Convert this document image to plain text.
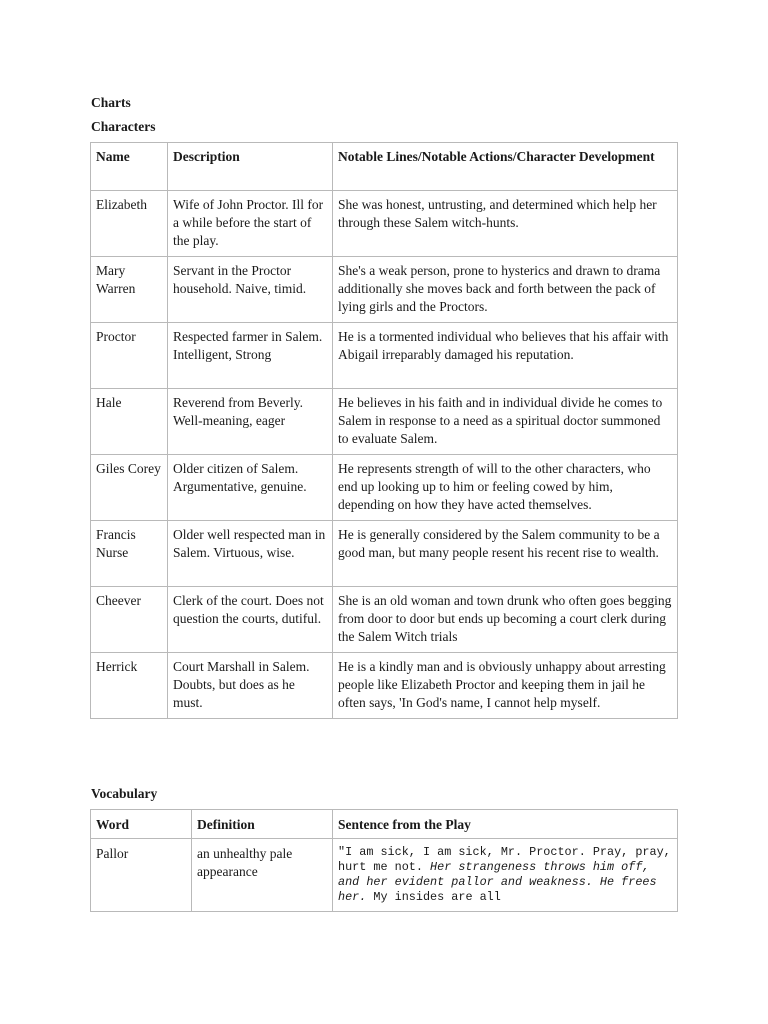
Charts
Characters
Name	Description	Notable Lines/Notable Actions/Character Development
Elizabeth	Wife of John Proctor. Ill for a while before the start of the play.	She was honest, untrusting, and determined which help her through these Salem witch-hunts.
Mary Warren	Servant in the Proctor household. Naive, timid.	She's a weak person, prone to hysterics and drawn to drama additionally she moves back and forth between the pack of lying girls and the Proctors.
Proctor	Respected farmer in Salem. Intelligent, Strong	He is a tormented individual who believes that his affair with Abigail irreparably damaged his reputation.
Hale	Reverend from Beverly. Well-meaning, eager	He believes in his faith and in individual divide he comes to Salem in response to a need as a spiritual doctor summoned to evaluate Salem.
Giles Corey	Older citizen of Salem. Argumentative, genuine.	He represents strength of will to the other characters, who end up looking up to him or feeling cowed by him, depending on how they have acted themselves.
Francis Nurse	Older well respected man in Salem. Virtuous, wise.	He is generally considered by the Salem community to be a good man, but many people resent his recent rise to wealth.
Cheever	Clerk of the court. Does not question the courts, dutiful.	She is an old woman and town drunk who often goes begging from door to door but ends up becoming a court clerk during the Salem Witch trials
Herrick	Court Marshall in Salem. Doubts, but does as he must.	He is a kindly man and is obviously unhappy about arresting people like Elizabeth Proctor and keeping them in jail he often says, 'In God's name, I cannot help myself.
Vocabulary
Word	Definition	Sentence from the Play
Pallor	an unhealthy pale appearance	"I am sick, I am sick, Mr. Proctor. Pray, pray, hurt me not. Her strangeness throws him off, and her evident pallor and weakness. He frees her. My insides are all
